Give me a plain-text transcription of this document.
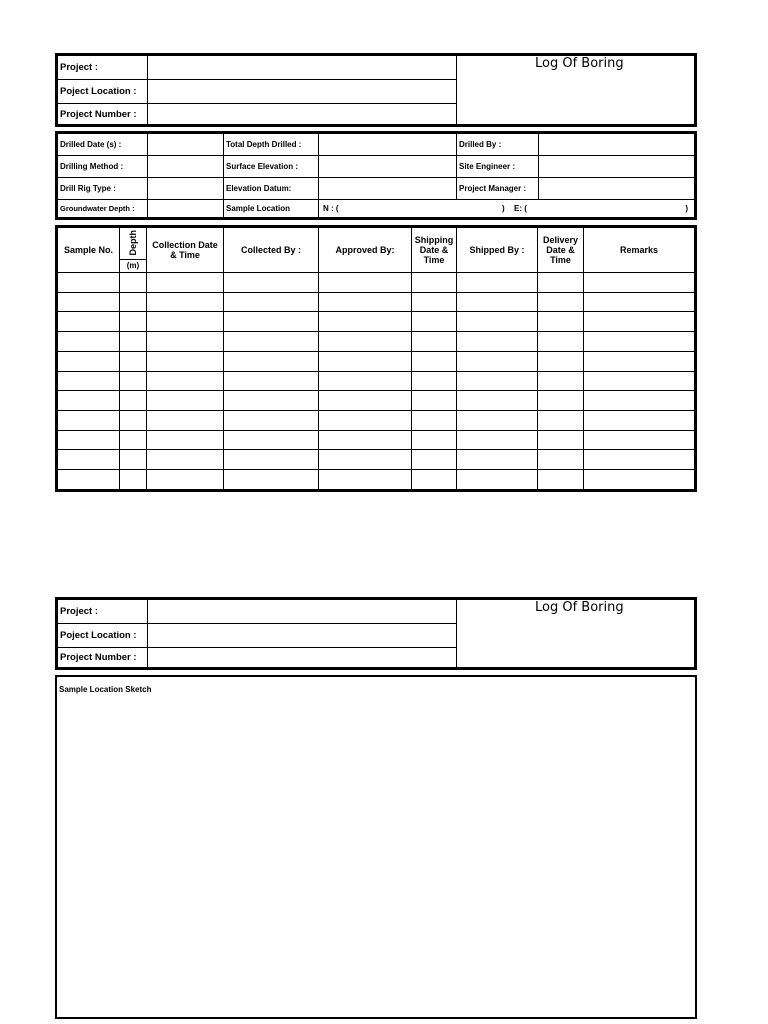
Project :		Log Of Boring

Poject Location :		
Project Number :		
Drilled Date (s) :		Total Depth Drilled :		Drilled By :	
Drilling Method :		Surface Elevation :		Site Engineer :	
Drill Rig Type :		Elevation Datum:		Project Manager :	
Groundwater Depth :		Sample Location	N : ( ) E: ( )		
Sample No.	Depth	Collection Date & Time	Collected By :	Approved By:	Shipping Date & Time	Shipped By :	Delivery Date & Time	Remarks
	(m)							

Project :		Log Of Boring

Poject Location :		
Project Number :		
Sample Location Sketch
